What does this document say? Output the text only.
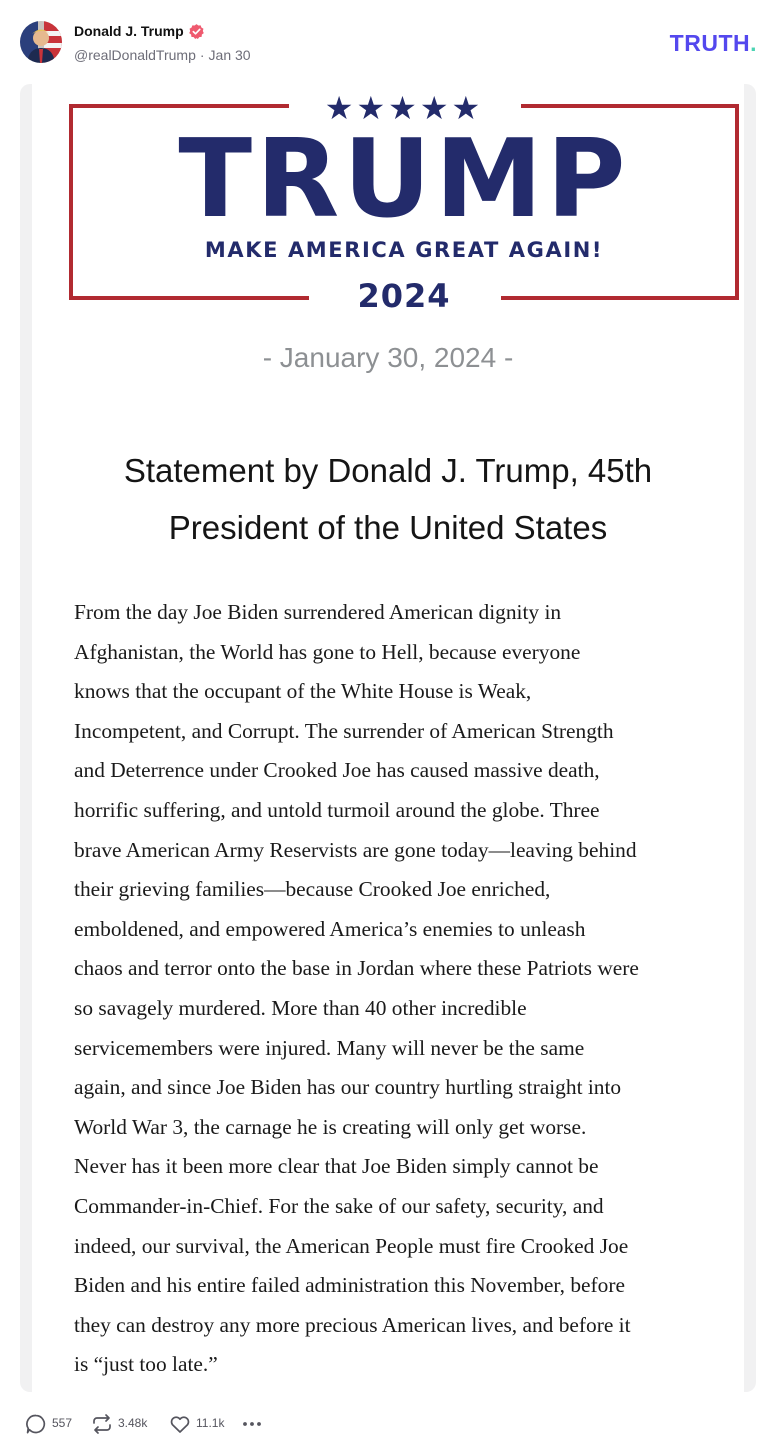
Donald J. Trump
@realDonaldTrump · Jan 30	TRUTH.
★★★★★
TRUMP
MAKE AMERICA GREAT AGAIN!
2024
- January 30, 2024 -
Statement by Donald J. Trump, 45th
President of the United States
From the day Joe Biden surrendered American dignity in
Afghanistan, the World has gone to Hell, because everyone
knows that the occupant of the White House is Weak,
Incompetent, and Corrupt. The surrender of American Strength
and Deterrence under Crooked Joe has caused massive death,
horrific suffering, and untold turmoil around the globe. Three
brave American Army Reservists are gone today—leaving behind
their grieving families—because Crooked Joe enriched,
emboldened, and empowered America’s enemies to unleash
chaos and terror onto the base in Jordan where these Patriots were
so savagely murdered. More than 40 other incredible
servicemembers were injured. Many will never be the same
again, and since Joe Biden has our country hurtling straight into
World War 3, the carnage he is creating will only get worse.
Never has it been more clear that Joe Biden simply cannot be
Commander-in-Chief. For the sake of our safety, security, and
indeed, our survival, the American People must fire Crooked Joe
Biden and his entire failed administration this November, before
they can destroy any more precious American lives, and before it
is “just too late.”
557	3.48k	11.1k
